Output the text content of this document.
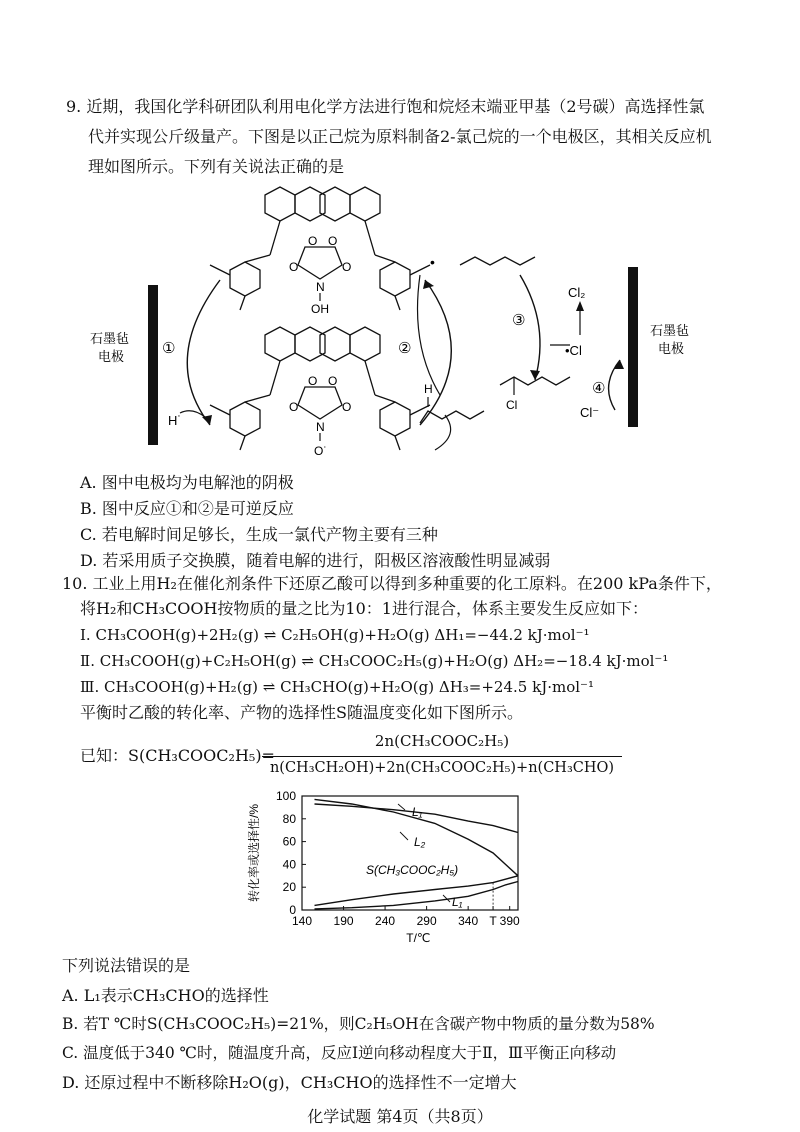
9. 近期，我国化学科研团队利用电化学方法进行饱和烷烃末端亚甲基（2号碳）高选择性氯
代并实现公斤级量产。下图是以正己烷为原料制备2-氯己烷的一个电极区，其相关反应机
理如图所示。下列有关说法正确的是
石墨毡
电极
石墨毡
电极
O O
O	O
N
OH
O O
O	O
N
O˙
①
H˙
②
•
H
③
Cl₂
•Cl
Cl
④
Cl⁻
A. 图中电极均为电解池的阴极
B. 图中反应①和②是可逆反应
C. 若电解时间足够长，生成一氯代产物主要有三种
D. 若采用质子交换膜，随着电解的进行，阳极区溶液酸性明显减弱
10. 工业上用H₂在催化剂条件下还原乙酸可以得到多种重要的化工原料。在200 kPa条件下，
将H₂和CH₃COOH按物质的量之比为10：1进行混合，体系主要发生反应如下：
Ⅰ. CH₃COOH(g)+2H₂(g) ⇌ C₂H₅OH(g)+H₂O(g) ΔH₁=−44.2 kJ·mol⁻¹
Ⅱ. CH₃COOH(g)+C₂H₅OH(g) ⇌ CH₃COOC₂H₅(g)+H₂O(g) ΔH₂=−18.4 kJ·mol⁻¹
Ⅲ. CH₃COOH(g)+H₂(g) ⇌ CH₃CHO(g)+H₂O(g) ΔH₃=+24.5 kJ·mol⁻¹
平衡时乙酸的转化率、产物的选择性S随温度变化如下图所示。
已知：S(CH₃COOC₂H₅)=
2n(CH₃COOC₂H₅)
n(CH₃CH₂OH)+2n(CH₃COOC₂H₅)+n(CH₃CHO)
0
20
40
60
80
100
140 190 240 290 340 T 390
T/℃
转化率或选择性/%	L₁
L₂
S(CH₃COOC₂H₅)
L₁
下列说法错误的是
A. L₁表示CH₃CHO的选择性
B. 若T ℃时S(CH₃COOC₂H₅)=21%，则C₂H₅OH在含碳产物中物质的量分数为58%
C. 温度低于340 ℃时，随温度升高，反应Ⅰ逆向移动程度大于Ⅱ，Ⅲ平衡正向移动
D. 还原过程中不断移除H₂O(g)，CH₃CHO的选择性不一定增大
化学试题 第4页（共8页）
